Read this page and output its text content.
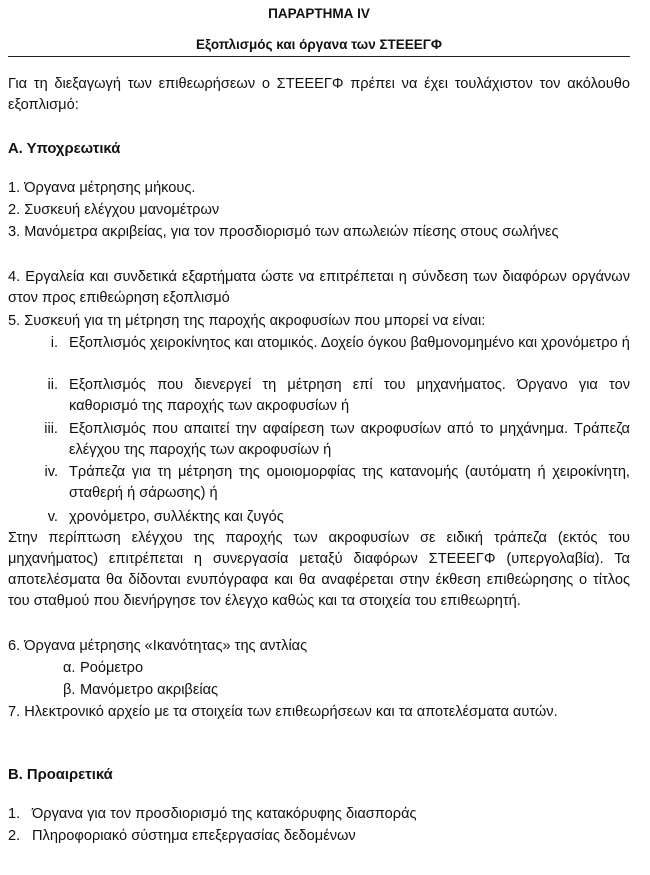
ΠΑΡΑΡΤΗΜΑ IV
Εξοπλισμός και όργανα των ΣΤΕΕΕΓΦ
Για τη διεξαγωγή των επιθεωρήσεων ο ΣΤΕΕΕΓΦ πρέπει να έχει τουλάχιστον τον ακόλουθο εξοπλισμό:
Α. Υποχρεωτικά
1. Όργανα μέτρησης μήκους.
2. Συσκευή ελέγχου μανομέτρων
3. Μανόμετρα ακριβείας, για τον προσδιορισμό των απωλειών πίεσης στους σωλήνες
4. Εργαλεία και συνδετικά εξαρτήματα ώστε να επιτρέπεται η σύνδεση των διαφόρων οργάνων στον προς επιθεώρηση εξοπλισμό
5. Συσκευή για τη μέτρηση της παροχής ακροφυσίων που μπορεί να είναι:
i. Εξοπλισμός χειροκίνητος και ατομικός. Δοχείο όγκου βαθμονομημένο και χρονόμετρο ή
ii. Εξοπλισμός που διενεργεί τη μέτρηση επί του μηχανήματος. Όργανο για τον καθορισμό της παροχής των ακροφυσίων ή
iii. Εξοπλισμός που απαιτεί την αφαίρεση των ακροφυσίων από το μηχάνημα. Τράπεζα ελέγχου της παροχής των ακροφυσίων ή
iv. Τράπεζα για τη μέτρηση της ομοιομορφίας της κατανομής (αυτόματη ή χειροκίνητη, σταθερή ή σάρωσης) ή
v. χρονόμετρο, συλλέκτης και ζυγός
Στην περίπτωση ελέγχου της παροχής των ακροφυσίων σε ειδική τράπεζα (εκτός του μηχανήματος) επιτρέπεται η συνεργασία μεταξύ διαφόρων ΣΤΕΕΕΓΦ (υπεργολαβία). Τα αποτελέσματα θα δίδονται ενυπόγραφα και θα αναφέρεται στην έκθεση επιθεώρησης ο τίτλος του σταθμού που διενήργησε τον έλεγχο καθώς και τα στοιχεία του επιθεωρητή.
6. Όργανα μέτρησης «Ικανότητας» της αντλίας
α. Ροόμετρο
β. Μανόμετρο ακριβείας
7. Ηλεκτρονικό αρχείο με τα στοιχεία των επιθεωρήσεων και τα αποτελέσματα αυτών.
Β. Προαιρετικά
1. Όργανα για τον προσδιορισμό της κατακόρυφης διασποράς
2. Πληροφοριακό σύστημα επεξεργασίας δεδομένων
